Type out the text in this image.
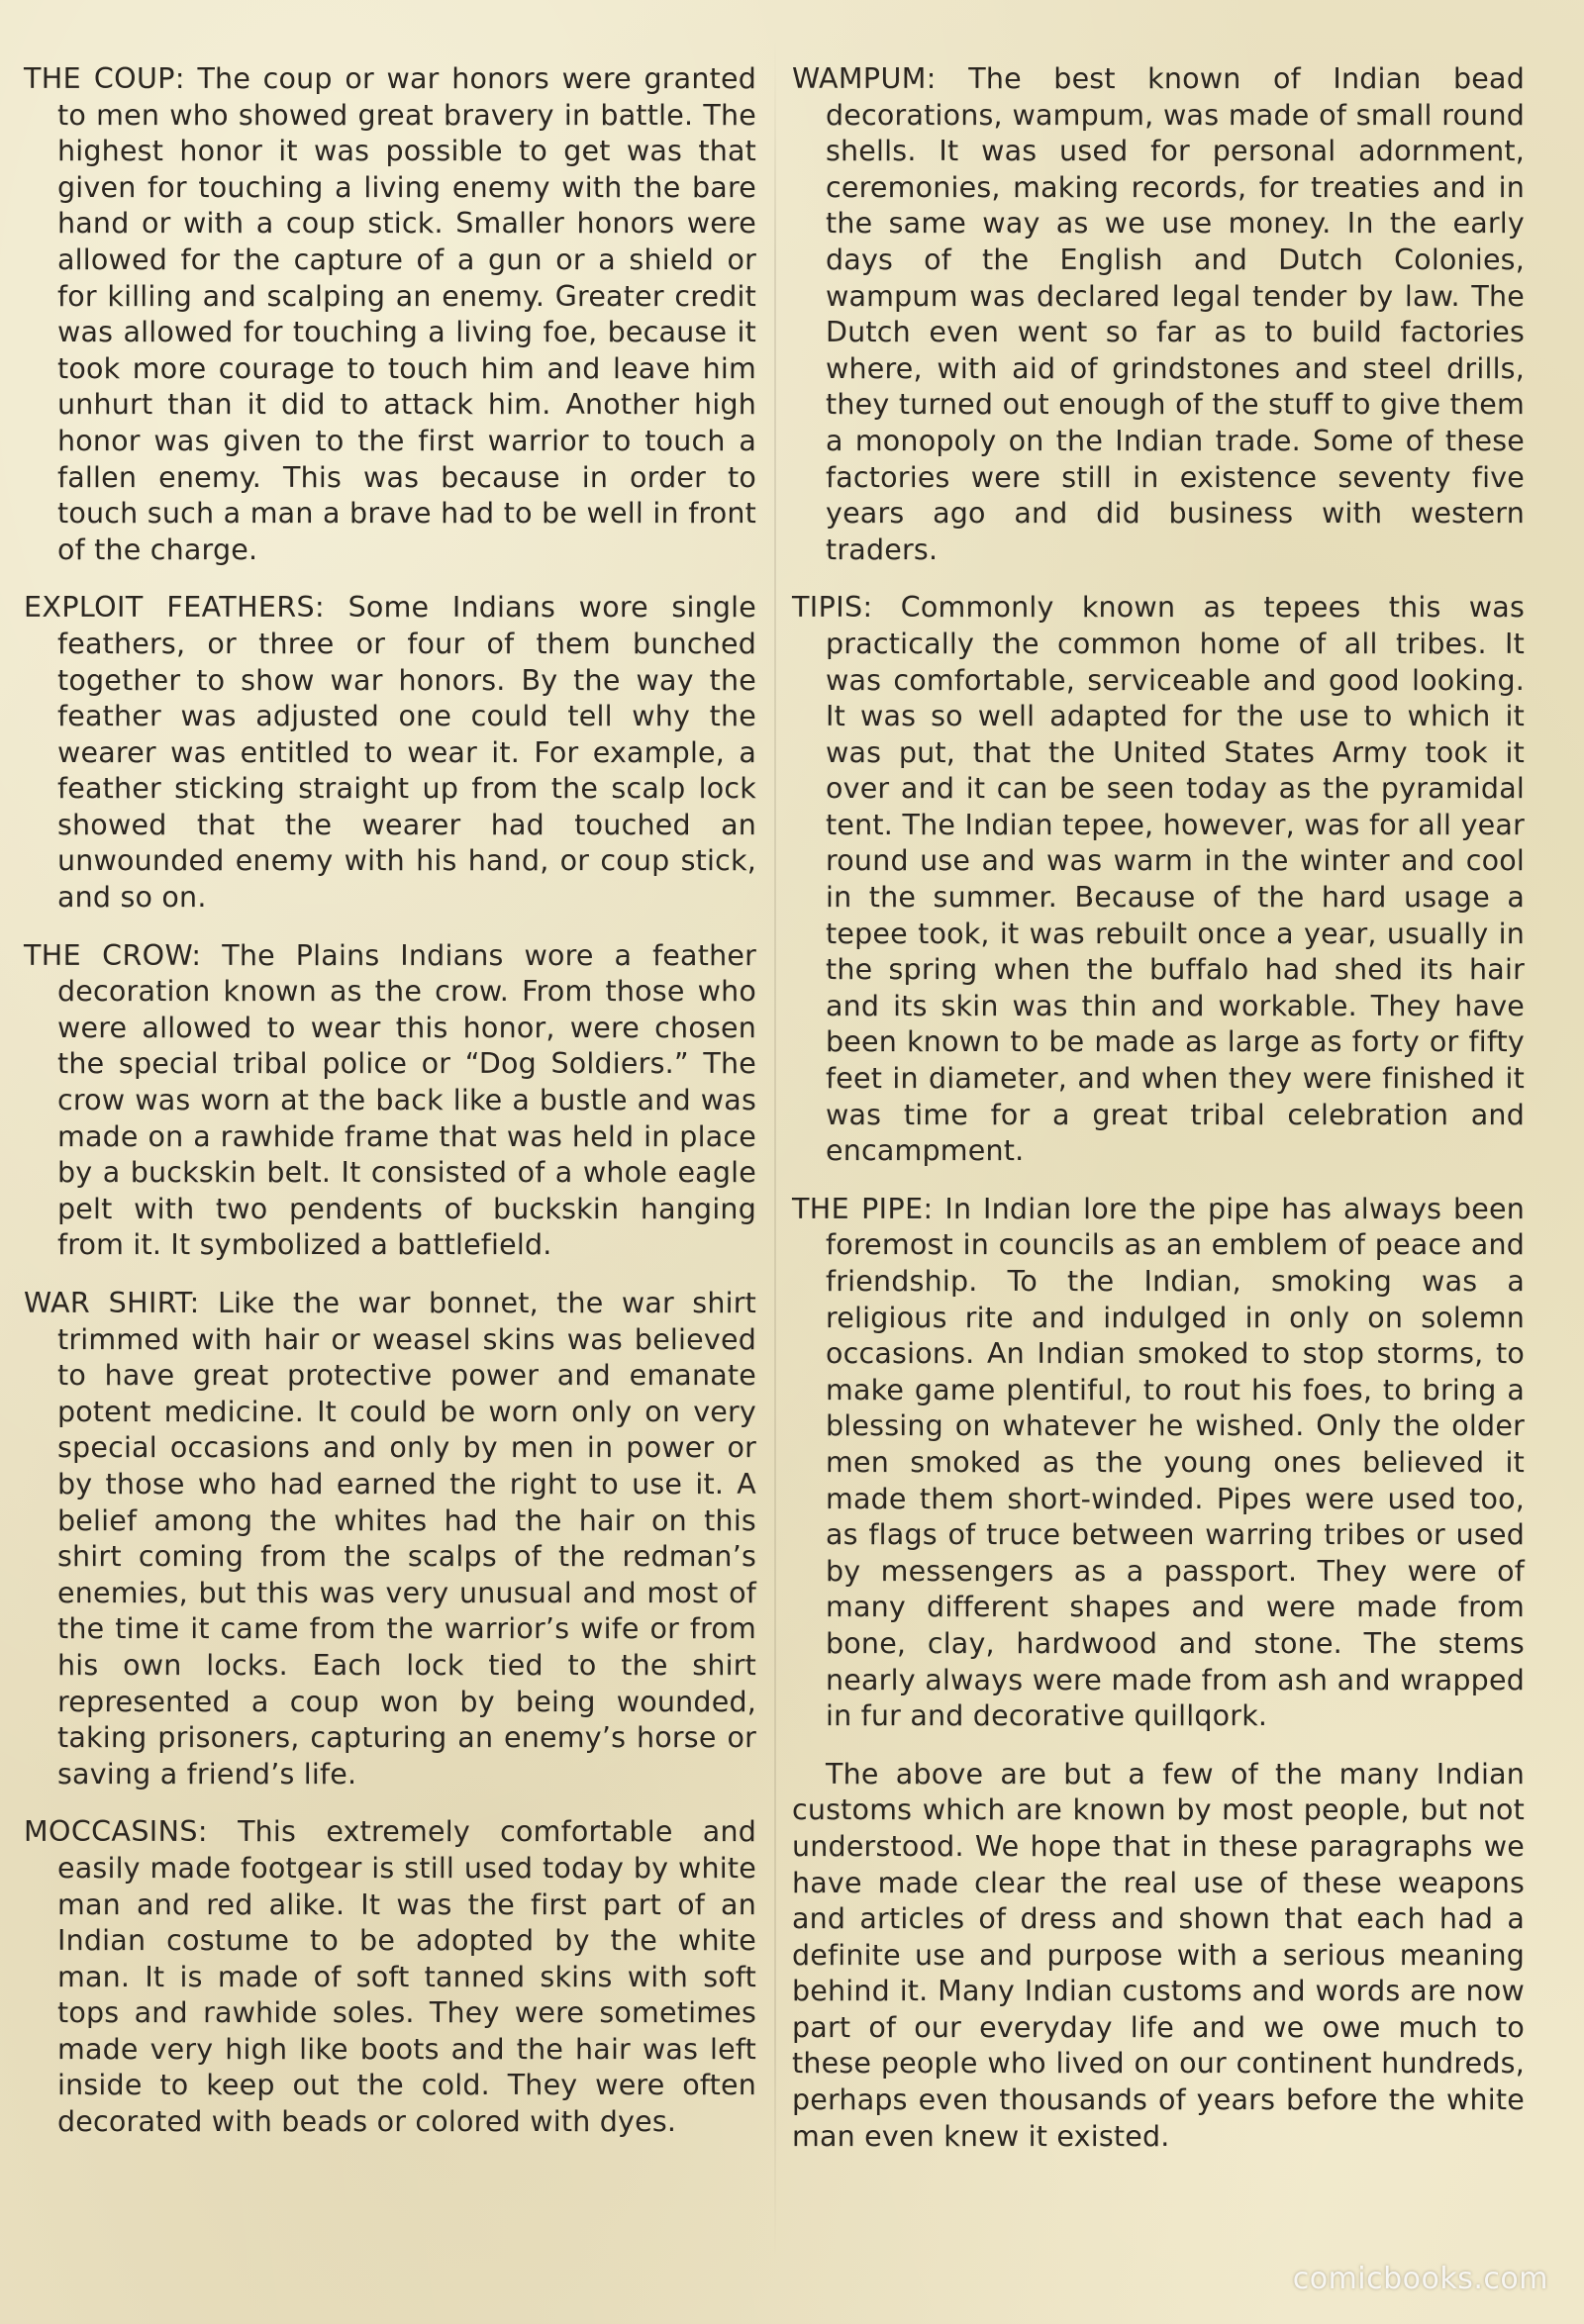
THE COUP: The coup or war honors were granted to men who showed great bravery in battle. The highest honor it was possible to get was that given for touching a living enemy with the bare hand or with a coup stick. Smaller honors were allowed for the capture of a gun or a shield or for killing and scalping an enemy. Greater credit was allowed for touching a living foe, because it took more courage to touch him and leave him unhurt than it did to attack him. Another high honor was given to the first warrior to touch a fallen enemy. This was because in order to touch such a man a brave had to be well in front of the charge.

EXPLOIT FEATHERS: Some Indians wore single feathers, or three or four of them bunched together to show war honors. By the way the feather was adjusted one could tell why the wearer was entitled to wear it. For example, a feather sticking straight up from the scalp lock showed that the wearer had touched an unwounded enemy with his hand, or coup stick, and so on.

THE CROW: The Plains Indians wore a feather decoration known as the crow. From those who were allowed to wear this honor, were chosen the special tribal police or “Dog Soldiers.” The crow was worn at the back like a bustle and was made on a rawhide frame that was held in place by a buckskin belt. It consisted of a whole eagle pelt with two pendents of buckskin hanging from it. It symbolized a battlefield.

WAR SHIRT: Like the war bonnet, the war shirt trimmed with hair or weasel skins was believed to have great protective power and emanate potent medicine. It could be worn only on very special occasions and only by men in power or by those who had earned the right to use it. A belief among the whites had the hair on this shirt coming from the scalps of the redman’s enemies, but this was very unusual and most of the time it came from the warrior’s wife or from his own locks. Each lock tied to the shirt represented a coup won by being wounded, taking prisoners, capturing an enemy’s horse or saving a friend’s life.

MOCCASINS: This extremely comfortable and easily made footgear is still used today by white man and red alike. It was the first part of an Indian costume to be adopted by the white man. It is made of soft tanned skins with soft tops and rawhide soles. They were sometimes made very high like boots and the hair was left inside to keep out the cold. They were often decorated with beads or colored with dyes.

WAMPUM: The best known of Indian bead decorations, wampum, was made of small round shells. It was used for personal adornment, ceremonies, making records, for treaties and in the same way as we use money. In the early days of the English and Dutch Colonies, wampum was declared legal tender by law. The Dutch even went so far as to build factories where, with aid of grindstones and steel drills, they turned out enough of the stuff to give them a monopoly on the Indian trade. Some of these factories were still in existence seventy five years ago and did business with western traders.

TIPIS: Commonly known as tepees this was practically the common home of all tribes. It was comfortable, serviceable and good looking. It was so well adapted for the use to which it was put, that the United States Army took it over and it can be seen today as the pyramidal tent. The Indian tepee, however, was for all year round use and was warm in the winter and cool in the summer. Because of the hard usage a tepee took, it was rebuilt once a year, usually in the spring when the buffalo had shed its hair and its skin was thin and workable. They have been known to be made as large as forty or fifty feet in diameter, and when they were finished it was time for a great tribal celebration and encampment.

THE PIPE: In Indian lore the pipe has always been foremost in councils as an emblem of peace and friendship. To the Indian, smoking was a religious rite and indulged in only on solemn occasions. An Indian smoked to stop storms, to make game plentiful, to rout his foes, to bring a blessing on whatever he wished. Only the older men smoked as the young ones believed it made them short-winded. Pipes were used too, as flags of truce between warring tribes or used by messengers as a passport. They were of many different shapes and were made from bone, clay, hardwood and stone. The stems nearly always were made from ash and wrapped in fur and decorative quillqork.

The above are but a few of the many Indian customs which are known by most people, but not understood. We hope that in these paragraphs we have made clear the real use of these weapons and articles of dress and shown that each had a definite use and purpose with a serious meaning behind it. Many Indian customs and words are now part of our everyday life and we owe much to these people who lived on our continent hundreds, perhaps even thousands of years before the white man even knew it existed.

comicbooks.com
